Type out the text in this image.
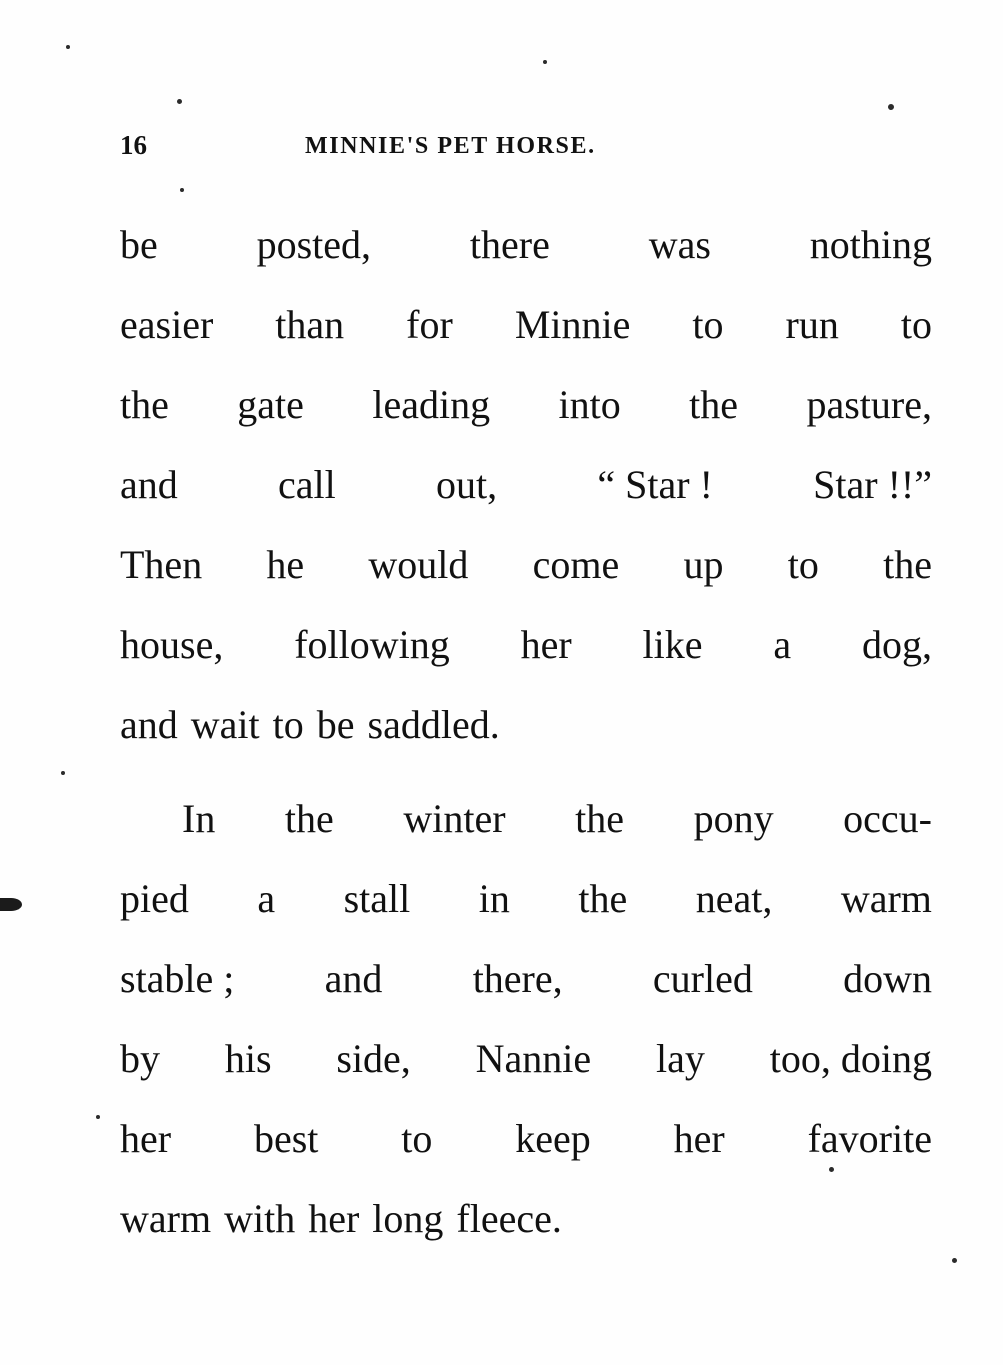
16	MINNIE'S PET HORSE.
be posted, there was nothing
easier than for Minnie to run to
the gate leading into the pasture,
and	call	out,	“ Star !	Star !!”
Then he would come up to the
house, following her like a dog,
and wait to be saddled.
In the winter the pony occu-
pied a stall in the neat, warm
stable ; and there, curled down
by his side, Nannie lay too, doing
her best to keep her favorite
warm with her long fleece.
